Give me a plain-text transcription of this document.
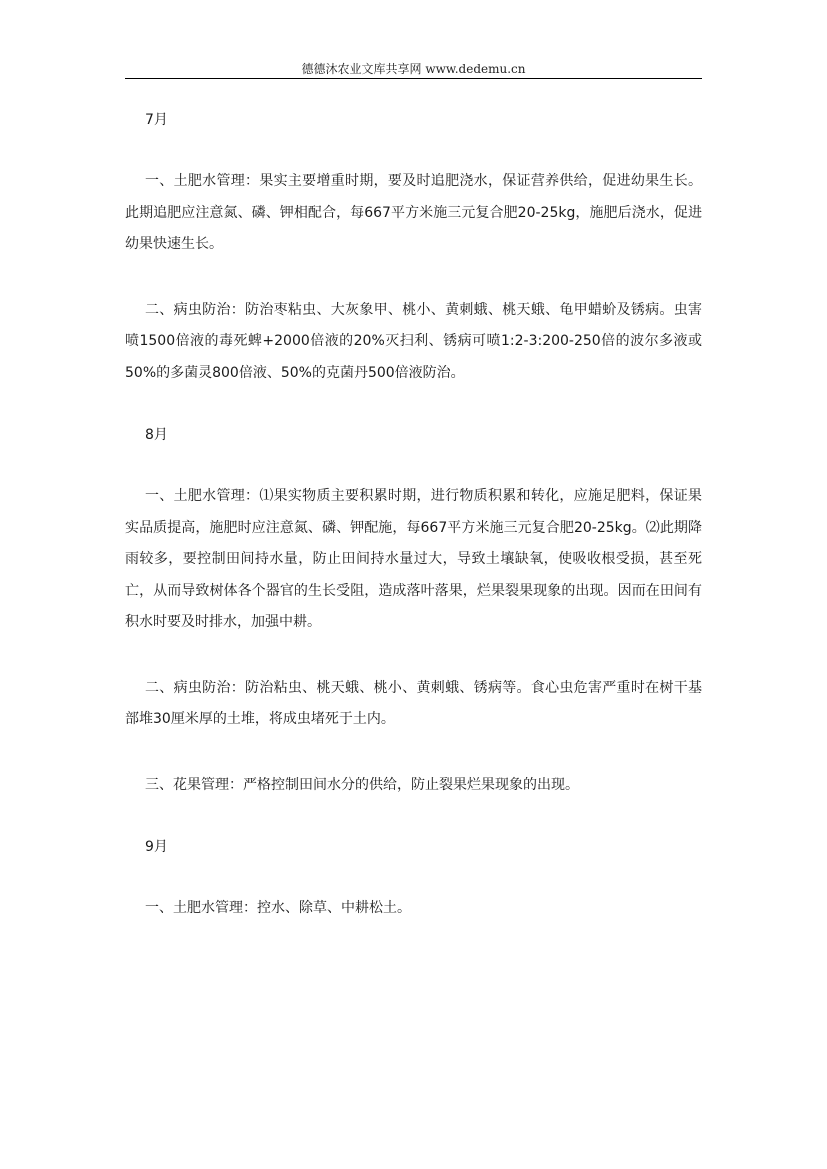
德德沐农业文库共享网 www.dedemu.cn

7月

一、土肥水管理：果实主要增重时期，要及时追肥浇水，保证营养供给，促进幼果生长。此期追肥应注意氮、磷、钾相配合，每667平方米施三元复合肥20-25kg，施肥后浇水，促进幼果快速生长。

二、病虫防治：防治枣粘虫、大灰象甲、桃小、黄刺蛾、桃天蛾、龟甲蜡蚧及锈病。虫害喷1500倍液的毒死蜱+2000倍液的20%灭扫利、锈病可喷1:2-3:200-250倍的波尔多液或50%的多菌灵800倍液、50%的克菌丹500倍液防治。

8月

一、土肥水管理：⑴果实物质主要积累时期，进行物质积累和转化，应施足肥料，保证果实品质提高，施肥时应注意氮、磷、钾配施，每667平方米施三元复合肥20-25kg。⑵此期降雨较多，要控制田间持水量，防止田间持水量过大，导致土壤缺氧，使吸收根受损，甚至死亡，从而导致树体各个器官的生长受阻，造成落叶落果，烂果裂果现象的出现。因而在田间有积水时要及时排水，加强中耕。

二、病虫防治：防治粘虫、桃天蛾、桃小、黄刺蛾、锈病等。食心虫危害严重时在树干基部堆30厘米厚的土堆，将成虫堵死于土内。

三、花果管理：严格控制田间水分的供给，防止裂果烂果现象的出现。

9月

一、土肥水管理：控水、除草、中耕松土。
